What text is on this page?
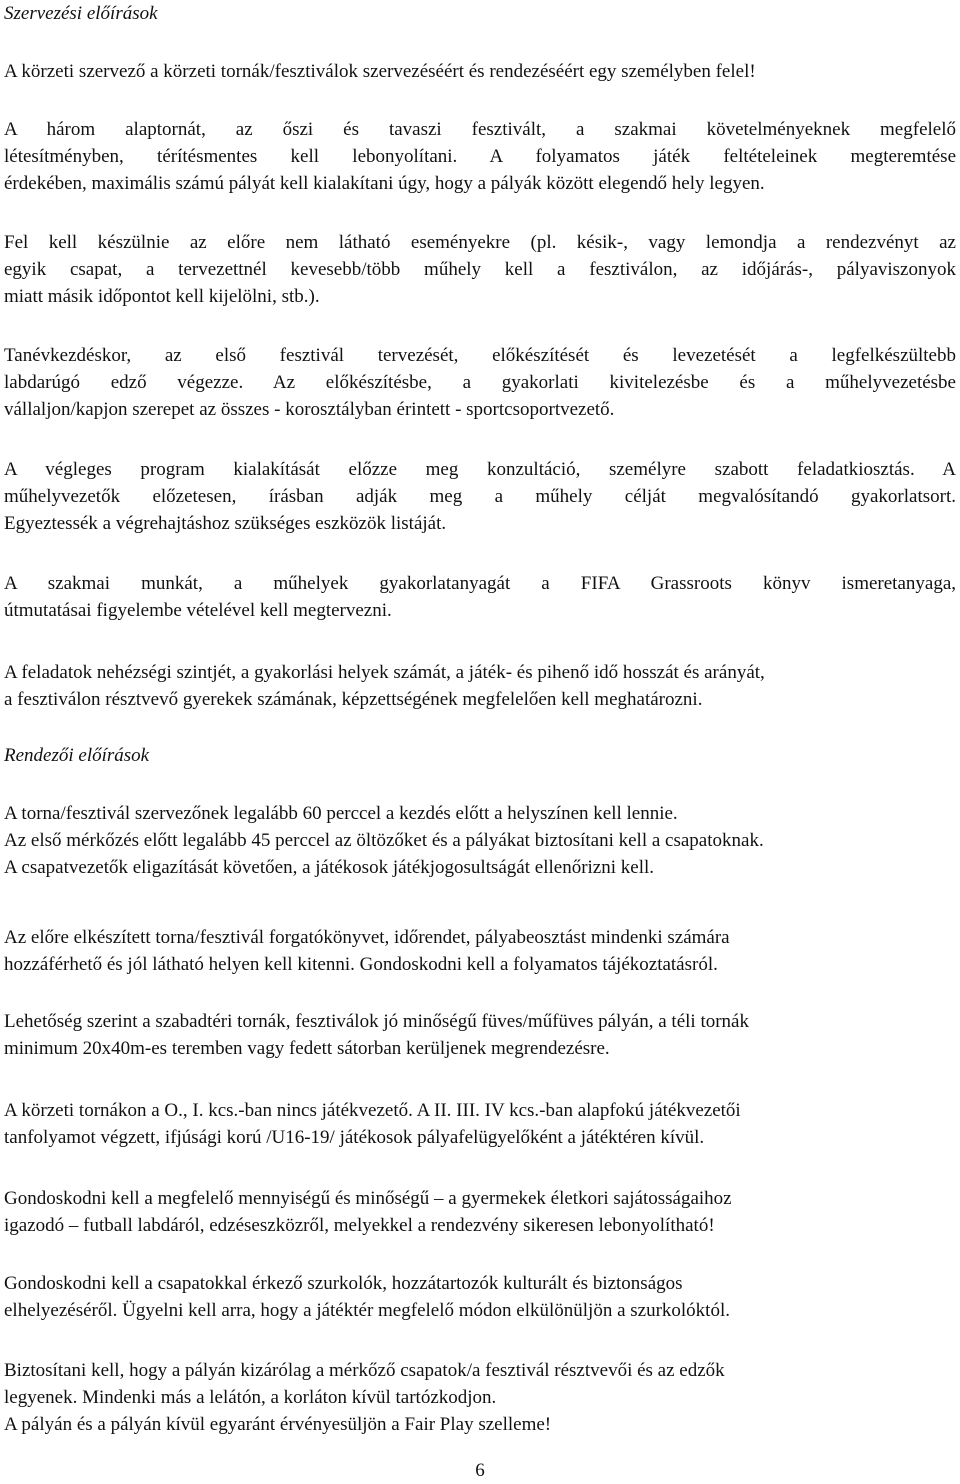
Szervezési előírások
A körzeti szervező a körzeti tornák/fesztiválok szervezéséért és rendezéséért egy személyben felel!
A három alaptornát, az őszi és tavaszi fesztivált, a szakmai követelményeknek megfelelő
létesítményben, térítésmentes kell lebonyolítani. A folyamatos játék feltételeinek megteremtése
érdekében, maximális számú pályát kell kialakítani úgy, hogy a pályák között elegendő hely legyen.
Fel kell készülnie az előre nem látható eseményekre (pl. késik-, vagy lemondja a rendezvényt az
egyik csapat, a tervezettnél kevesebb/több műhely kell a fesztiválon, az időjárás-, pályaviszonyok
miatt másik időpontot kell kijelölni, stb.).
Tanévkezdéskor, az első fesztivál tervezését, előkészítését és levezetését a legfelkészültebb
labdarúgó edző végezze. Az előkészítésbe, a gyakorlati kivitelezésbe és a műhelyvezetésbe
vállaljon/kapjon szerepet az összes - korosztályban érintett - sportcsoportvezető.
A végleges program kialakítását előzze meg konzultáció, személyre szabott feladatkiosztás. A
műhelyvezetők előzetesen, írásban adják meg a műhely célját megvalósítandó gyakorlatsort.
Egyeztessék a végrehajtáshoz szükséges eszközök listáját.
A szakmai munkát, a műhelyek gyakorlatanyagát a FIFA Grassroots könyv ismeretanyaga,
útmutatásai figyelembe vételével kell megtervezni.
A feladatok nehézségi szintjét, a gyakorlási helyek számát, a játék- és pihenő idő hosszát és arányát,
a fesztiválon résztvevő gyerekek számának, képzettségének megfelelően kell meghatározni.
Rendezői előírások
A torna/fesztivál szervezőnek legalább 60 perccel a kezdés előtt a helyszínen kell lennie.
Az első mérkőzés előtt legalább 45 perccel az öltözőket és a pályákat biztosítani kell a csapatoknak.
A csapatvezetők eligazítását követően, a játékosok játékjogosultságát ellenőrizni kell.
Az előre elkészített torna/fesztivál forgatókönyvet, időrendet, pályabeosztást mindenki számára
hozzáférhető és jól látható helyen kell kitenni. Gondoskodni kell a folyamatos tájékoztatásról.
Lehetőség szerint a szabadtéri tornák, fesztiválok jó minőségű füves/műfüves pályán, a téli tornák
minimum 20x40m-es teremben vagy fedett sátorban kerüljenek megrendezésre.
A körzeti tornákon a O., I. kcs.-ban nincs játékvezető. A II. III. IV kcs.-ban alapfokú játékvezetői
tanfolyamot végzett, ifjúsági korú /U16-19/ játékosok pályafelügyelőként a játéktéren kívül.
Gondoskodni kell a megfelelő mennyiségű és minőségű – a gyermekek életkori sajátosságaihoz
igazodó – futball labdáról, edzéseszközről, melyekkel a rendezvény sikeresen lebonyolítható!
Gondoskodni kell a csapatokkal érkező szurkolók, hozzátartozók kulturált és biztonságos
elhelyezéséről. Ügyelni kell arra, hogy a játéktér megfelelő módon elkülönüljön a szurkolóktól.
Biztosítani kell, hogy a pályán kizárólag a mérkőző csapatok/a fesztivál résztvevői és az edzők
legyenek. Mindenki más a lelátón, a korláton kívül tartózkodjon.
A pályán és a pályán kívül egyaránt érvényesüljön a Fair Play szelleme!
6
